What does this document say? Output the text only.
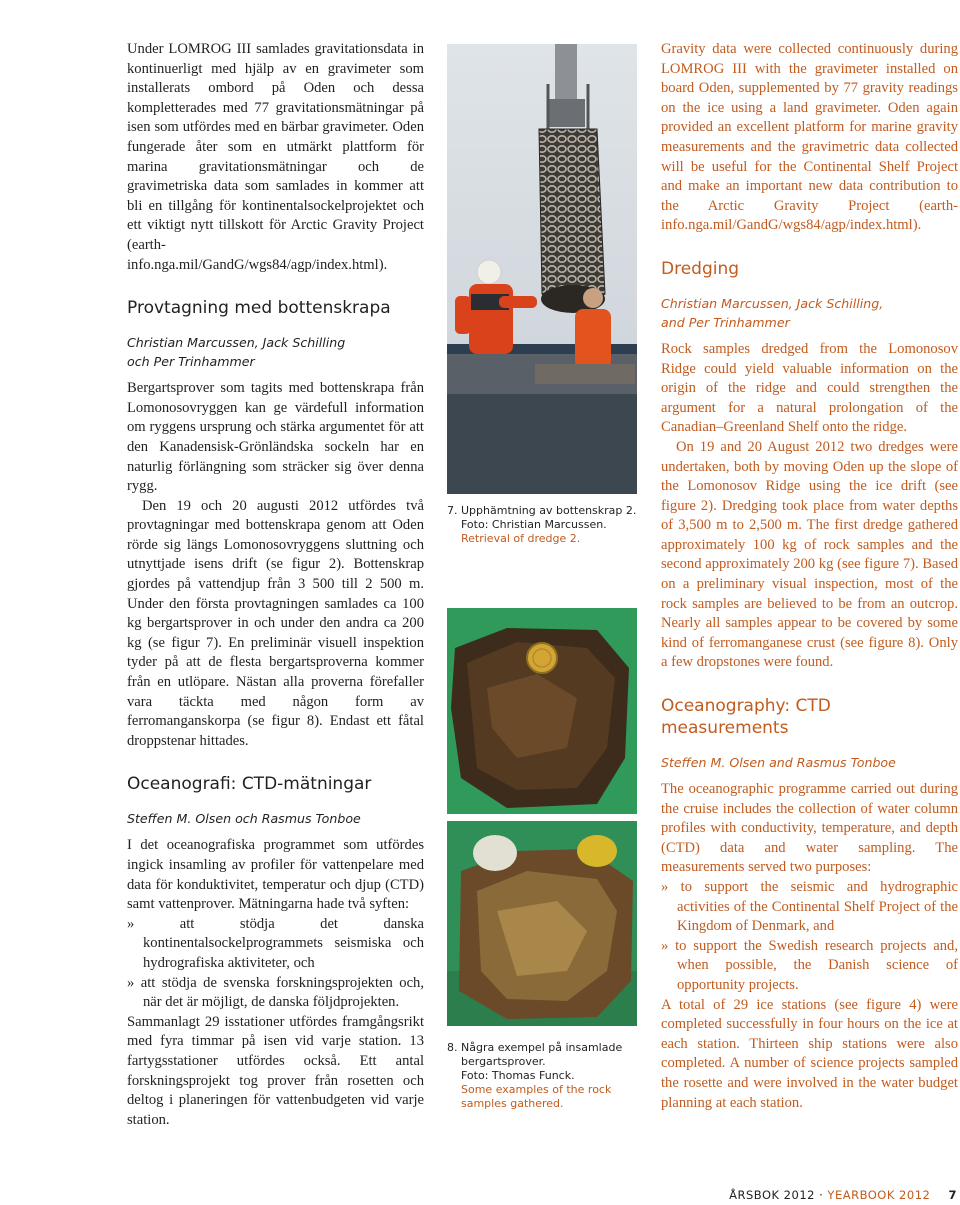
Under LOMROG III samlades gravitationsdata in kontinuerligt med hjälp av en gravimeter som installerats ombord på Oden och dessa kompletterades med 77 gravitationsmätningar på isen som utfördes med en bärbar gravimeter. Oden fungerade åter som en utmärkt plattform för marina gravitationsmätningar och de gravimetriska data som samlades in kommer att bli en tillgång för kontinentalsockelprojektet och ett viktigt nytt tillskott för Arctic Gravity Project (earth-info.nga.mil/GandG/wgs84/agp/index.html).

Provtagning med bottenskrapa

Christian Marcussen, Jack Schilling

och Per Trinhammer

Bergartsprover som tagits med bottenskrapa från Lomonosovryggen kan ge värdefull information om ryggens ursprung och stärka argumentet för att den Kanadensisk-Grönländska sockeln har en naturlig förlängning som sträcker sig över denna rygg.

Den 19 och 20 augusti 2012 utfördes två provtagningar med bottenskrapa genom att Oden rörde sig längs Lomonosovryggens sluttning och utnyttjade isens drift (se figur 2). Bottenskrap gjordes på vattendjup från 3 500 till 2 500 m. Under den första provtagningen samlades ca 100 kg bergartsprover in och under den andra ca 200 kg (se figur 7). En preliminär visuell inspektion tyder på att de flesta bergartsproverna kommer från en utlöpare. Nästan alla proverna förefaller vara täckta med någon form av ferromanganskorpa (se figur 8). Endast ett fåtal droppstenar hittades.

Oceanografi: CTD-mätningar

Steffen M. Olsen och Rasmus Tonboe

I det oceanografiska programmet som utfördes ingick insamling av profiler för vattenpelare med data för konduktivitet, temperatur och djup (CTD) samt vattenprover. Mätningarna hade två syften:

» att stödja det danska kontinentalsockelprogrammets seismiska och hydrografiska aktiviteter, och
» att stödja de svenska forskningsprojekten och, när det är möjligt, de danska följdprojekten.

Sammanlagt 29 isstationer utfördes framgångsrikt med fyra timmar på isen vid varje station. 13 fartygsstationer utfördes också. Ett antal forskningsprojekt tog prover från rosetten och deltog i planeringen för vattenbudgeten vid varje station.

7. Upphämtning av bottenskrap 2.
Foto: Christian Marcussen.
Retrieval of dredge 2.
8. Några exempel på insamlade
bergartsprover.
Foto: Thomas Funck.
Some examples of the rock
samples gathered.

Gravity data were collected continuously during LOMROG III with the gravimeter installed on board Oden, supplemented by 77 gravity readings on the ice using a land gravimeter. Oden again provided an excellent platform for marine gravity measurements and the gravimetric data collected will be useful for the Continental Shelf Project and make an important new data contribution to the Arctic Gravity Project (earth-info.nga.mil/GandG/wgs84/agp/index.html).

Dredging

Christian Marcussen, Jack Schilling,

and Per Trinhammer

Rock samples dredged from the Lomonosov Ridge could yield valuable information on the origin of the ridge and could strengthen the argument for a natural prolongation of the Canadian–Greenland Shelf onto the ridge.

On 19 and 20 August 2012 two dredges were undertaken, both by moving Oden up the slope of the Lomonosov Ridge using the ice drift (see figure 2). Dredging took place from water depths of 3,500 m to 2,500 m. The first dredge gathered approximately 100 kg of rock samples and the second approximately 200 kg (see figure 7). Based on a preliminary visual inspection, most of the rock samples are believed to be from an outcrop. Nearly all samples appear to be covered by some kind of ferromanganese crust (see figure 8). Only a few dropstones were found.

Oceanography: CTD measurements

Steffen M. Olsen and Rasmus Tonboe

The oceanographic programme carried out during the cruise includes the collection of water column profiles with conductivity, temperature, and depth (CTD) data and water sampling. The measurements served two purposes:

» to support the seismic and hydrographic activities of the Continental Shelf Project of the Kingdom of Denmark, and
» to support the Swedish research projects and, when possible, the Danish science of opportunity projects.

A total of 29 ice stations (see figure 4) were completed successfully in four hours on the ice at each station. Thirteen ship stations were also completed. A number of science projects sampled the rosette and were involved in the water budget planning at each station.

ÅRSBOK 2012 · YEARBOOK 2012 7
